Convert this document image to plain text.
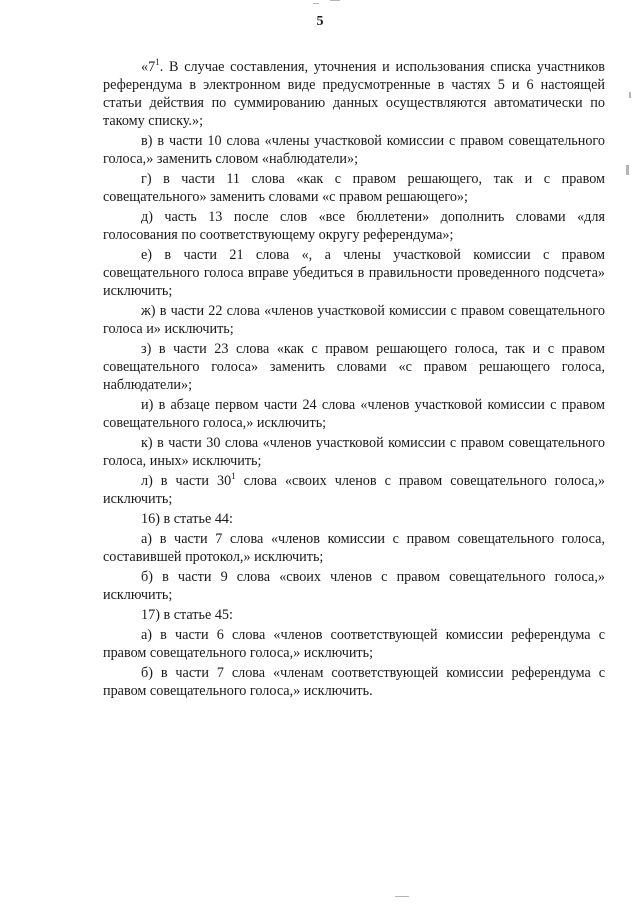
5

«$7^1$. В случае составления, уточнения и использования списка участников референдума в электронном виде предусмотренные в частях 5 и 6 настоящей статьи действия по суммированию данных осуществляются автоматически по такому списку.»;

в) в части 10 слова «члены участковой комиссии с правом совещательного голоса,» заменить словом «наблюдатели»;

г) в части 11 слова «как с правом решающего, так и с правом совещательного» заменить словами «с правом решающего»;

д) часть 13 после слов «все бюллетени» дополнить словами «для голосования по соответствующему округу референдума»;

е) в части 21 слова «, а члены участковой комиссии с правом совещательного голоса вправе убедиться в правильности проведенного подсчета» исключить;

ж) в части 22 слова «членов участковой комиссии с правом совещательного голоса и» исключить;

з) в части 23 слова «как с правом решающего голоса, так и с правом совещательного голоса» заменить словами «с правом решающего голоса, наблюдатели»;

и) в абзаце первом части 24 слова «членов участковой комиссии с правом совещательного голоса,» исключить;

к) в части 30 слова «членов участковой комиссии с правом совещательного голоса, иных» исключить;

л) в части $30^1$ слова «своих членов с правом совещательного голоса,» исключить;

16) в статье 44:

а) в части 7 слова «членов комиссии с правом совещательного голоса, составившей протокол,» исключить;

б) в части 9 слова «своих членов с правом совещательного голоса,» исключить;

17) в статье 45:

а) в части 6 слова «членов соответствующей комиссии референдума с правом совещательного голоса,» исключить;

б) в части 7 слова «членам соответствующей комиссии референдума с правом совещательного голоса,» исключить.
